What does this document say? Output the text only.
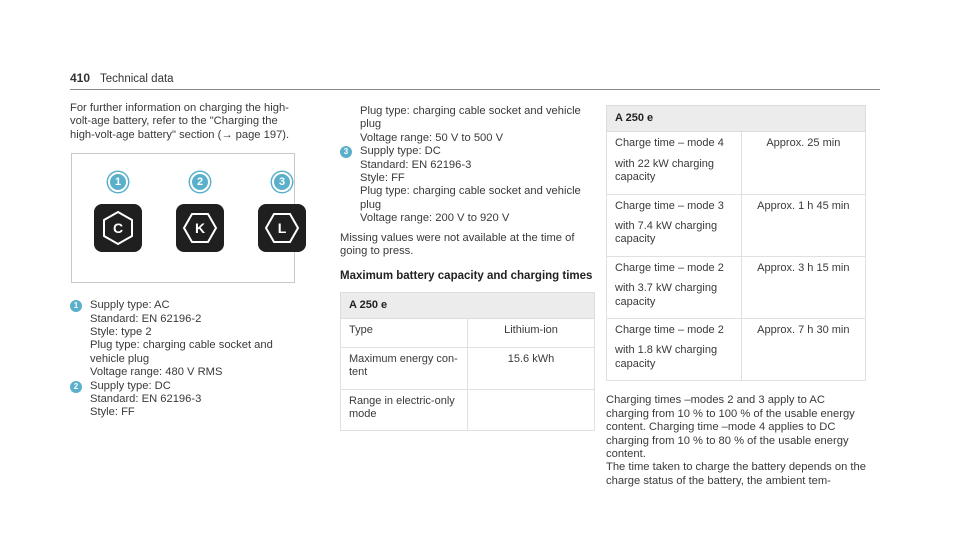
410 Technical data

For further information on charging the high-volt-age battery, refer to the "Charging the high-volt-age battery" section (→ page 197).

1
C
2
K
3
L
1	Supply type: AC

Standard: EN 62196-2

Style: type 2

Plug type: charging cable socket and vehicle plug

Voltage range: 480 V RMS

2	Supply type: DC

Standard: EN 62196-3

Style: FF

Plug type: charging cable socket and vehicle plug

Voltage range: 50 V to 500 V

3	Supply type: DC

Standard: EN 62196-3

Style: FF

Plug type: charging cable socket and vehicle plug

Voltage range: 200 V to 920 V

Missing values were not available at the time of going to press.

Maximum battery capacity and charging times

A 250 e	
Type	Lithium-ion
Maximum energy con-tent	15.6 kWh
Range in electric-only mode	
A 250 e	

Charge time – mode 4
with 22 kW charging capacity	Approx. 25 min

Charge time – mode 3
with 7.4 kW charging capacity	Approx. 1 h 45 min

Charge time – mode 2
with 3.7 kW charging capacity	Approx. 3 h 15 min

Charge time – mode 2
with 1.8 kW charging capacity	Approx. 7 h 30 min

Charging times –modes 2 and 3 apply to AC charging from 10 % to 100 % of the usable energy content. Charging time –mode 4 applies to DC charging from 10 % to 80 % of the usable energy content.

The time taken to charge the battery depends on the charge status of the battery, the ambient tem-
